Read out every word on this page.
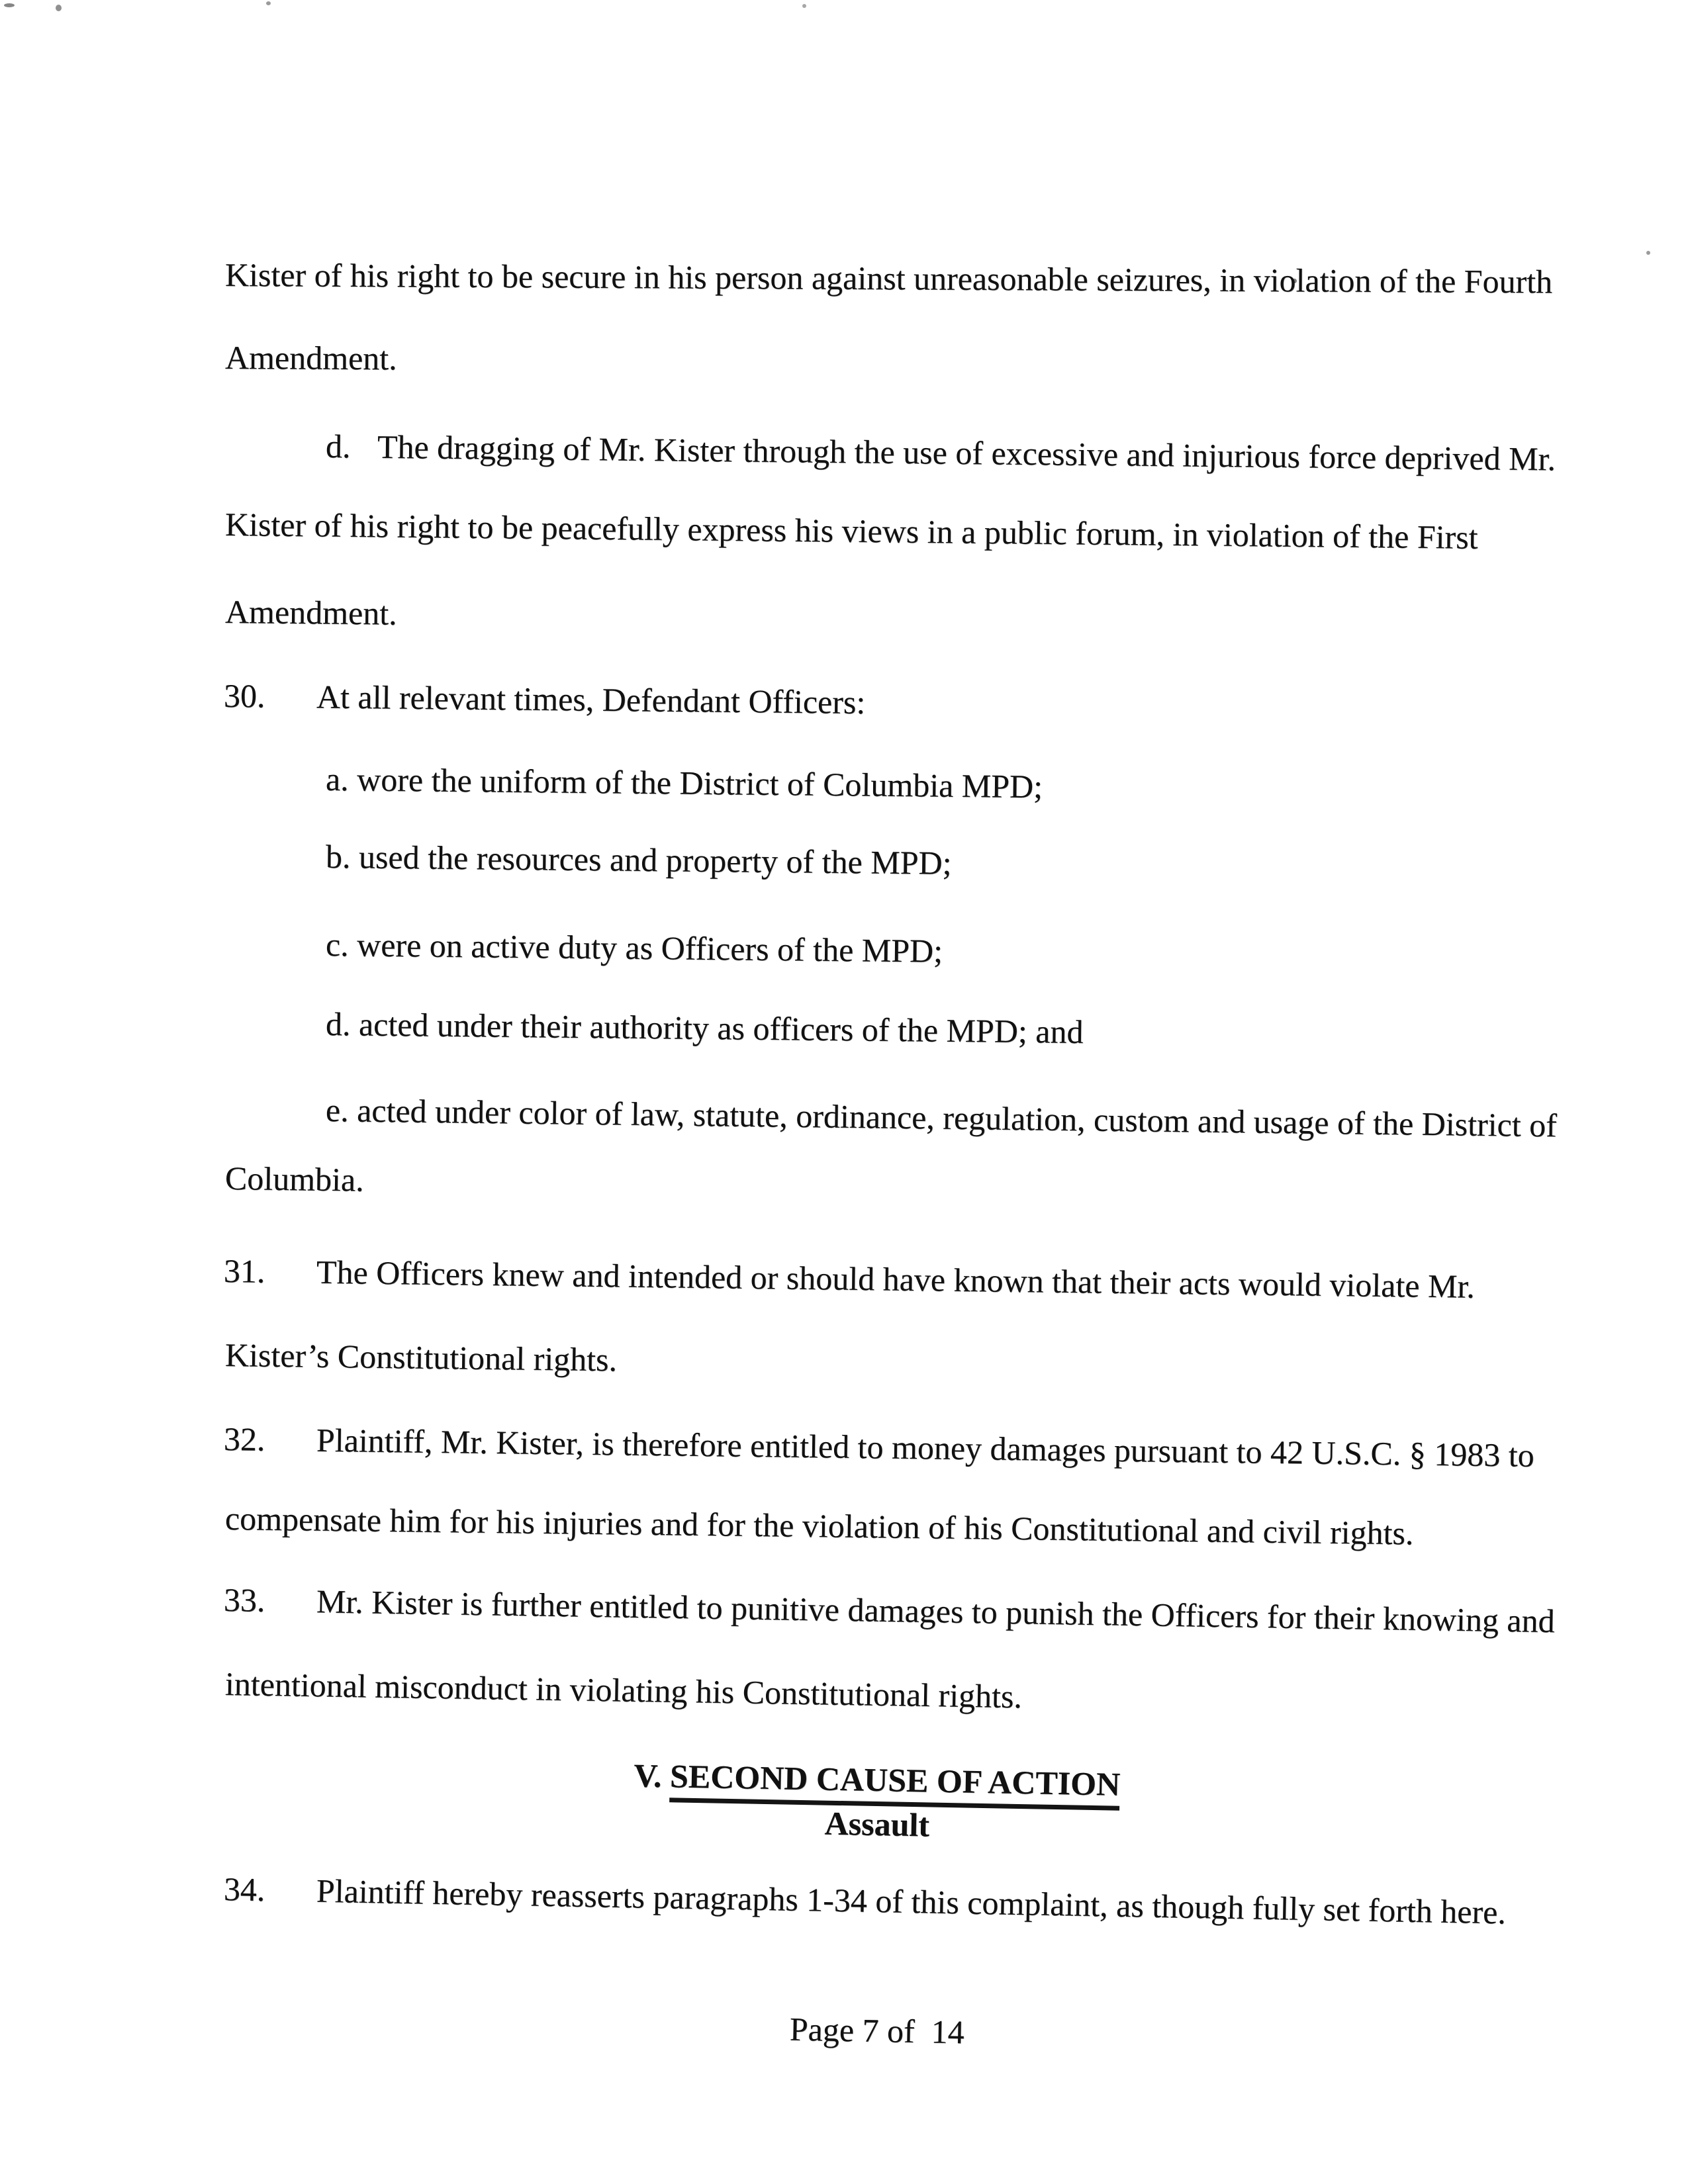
Kister of his right to be secure in his person against unreasonable seizures, in violation of the Fourth
Amendment.
d. The dragging of Mr. Kister through the use of excessive and injurious force deprived Mr.
Kister of his right to be peacefully express his views in a public forum, in violation of the First
Amendment.
30. At all relevant times, Defendant Officers:
a. wore the uniform of the District of Columbia MPD;
b. used the resources and property of the MPD;
c. were on active duty as Officers of the MPD;
d. acted under their authority as officers of the MPD; and
e. acted under color of law, statute, ordinance, regulation, custom and usage of the District of
Columbia.
31. The Officers knew and intended or should have known that their acts would violate Mr.
Kister’s Constitutional rights.
32. Plaintiff, Mr. Kister, is therefore entitled to money damages pursuant to 42 U.S.C. § 1983 to
compensate him for his injuries and for the violation of his Constitutional and civil rights.
33. Mr. Kister is further entitled to punitive damages to punish the Officers for their knowing and
intentional misconduct in violating his Constitutional rights.
V. SECOND CAUSE OF ACTION
Assault
34. Plaintiff hereby reasserts paragraphs 1-34 of this complaint, as though fully set forth here.
Page 7 of  14
